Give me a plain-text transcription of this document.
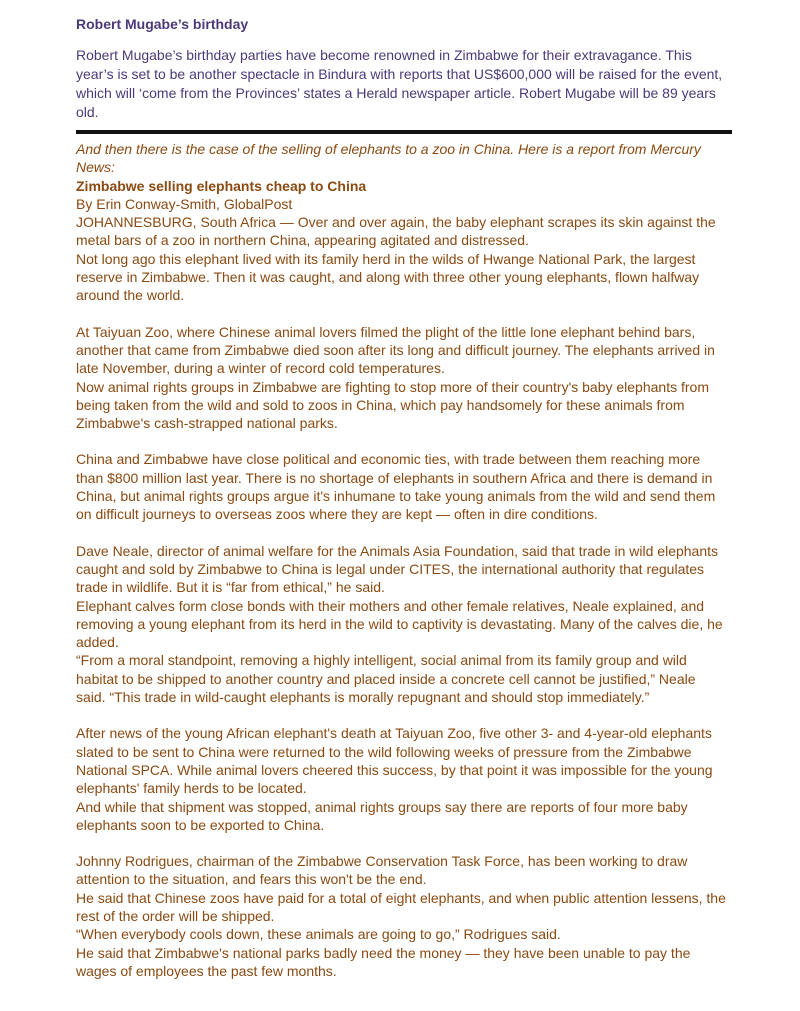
Robert Mugabe’s birthday

Robert Mugabe’s birthday parties have become renowned in Zimbabwe for their extravagance. This year’s is set to be another spectacle in Bindura with reports that US$600,000 will be raised for the event, which will ‘come from the Provinces’ states a Herald newspaper article. Robert Mugabe will be 89 years old.

And then there is the case of the selling of elephants to a zoo in China. Here is a report from Mercury News:

Zimbabwe selling elephants cheap to China

By Erin Conway-Smith, GlobalPost

JOHANNESBURG, South Africa — Over and over again, the baby elephant scrapes its skin against the metal bars of a zoo in northern China, appearing agitated and distressed.

Not long ago this elephant lived with its family herd in the wilds of Hwange National Park, the largest reserve in Zimbabwe. Then it was caught, and along with three other young elephants, flown halfway around the world.

At Taiyuan Zoo, where Chinese animal lovers filmed the plight of the little lone elephant behind bars, another that came from Zimbabwe died soon after its long and difficult journey. The elephants arrived in late November, during a winter of record cold temperatures.

Now animal rights groups in Zimbabwe are fighting to stop more of their country's baby elephants from being taken from the wild and sold to zoos in China, which pay handsomely for these animals from Zimbabwe's cash-strapped national parks.

China and Zimbabwe have close political and economic ties, with trade between them reaching more than $800 million last year. There is no shortage of elephants in southern Africa and there is demand in China, but animal rights groups argue it's inhumane to take young animals from the wild and send them on difficult journeys to overseas zoos where they are kept — often in dire conditions.

Dave Neale, director of animal welfare for the Animals Asia Foundation, said that trade in wild elephants caught and sold by Zimbabwe to China is legal under CITES, the international authority that regulates trade in wildlife. But it is “far from ethical,” he said.

Elephant calves form close bonds with their mothers and other female relatives, Neale explained, and removing a young elephant from its herd in the wild to captivity is devastating. Many of the calves die, he added.

“From a moral standpoint, removing a highly intelligent, social animal from its family group and wild habitat to be shipped to another country and placed inside a concrete cell cannot be justified,” Neale said. “This trade in wild-caught elephants is morally repugnant and should stop immediately.”

After news of the young African elephant's death at Taiyuan Zoo, five other 3- and 4-year-old elephants slated to be sent to China were returned to the wild following weeks of pressure from the Zimbabwe National SPCA. While animal lovers cheered this success, by that point it was impossible for the young elephants' family herds to be located.

And while that shipment was stopped, animal rights groups say there are reports of four more baby elephants soon to be exported to China.

Johnny Rodrigues, chairman of the Zimbabwe Conservation Task Force, has been working to draw attention to the situation, and fears this won't be the end.

He said that Chinese zoos have paid for a total of eight elephants, and when public attention lessens, the rest of the order will be shipped.

“When everybody cools down, these animals are going to go,” Rodrigues said.

He said that Zimbabwe's national parks badly need the money — they have been unable to pay the wages of employees the past few months.
